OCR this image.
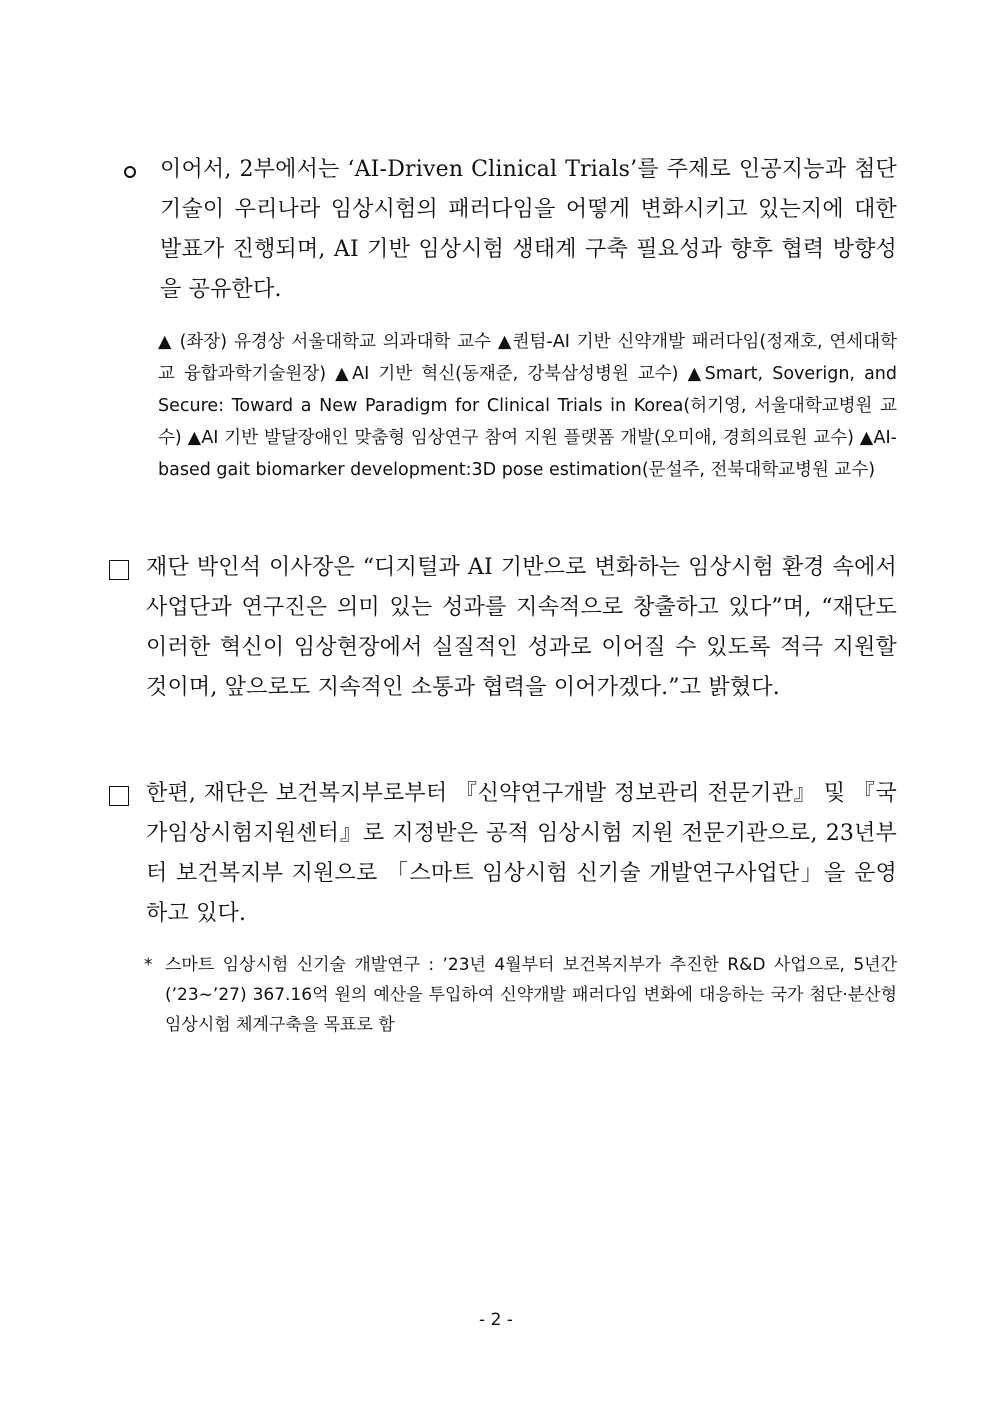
이어서, 2부에서는 ‘AI-Driven Clinical Trials’를 주제로 인공지능과 첨단 기술이 우리나라 임상시험의 패러다임을 어떻게 변화시키고 있는지에 대한 발표가 진행되며, AI 기반 임상시험 생태계 구축 필요성과 향후 협력 방향성을 공유한다.
▲ (좌장) 유경상 서울대학교 의과대학 교수 ▲퀀텀-AI 기반 신약개발 패러다임(정재호, 연세대학교 융합과학기술원장) ▲AI 기반 혁신(동재준, 강북삼성병원 교수) ▲Smart, Soverign, and Secure: Toward a New Paradigm for Clinical Trials in Korea(허기영, 서울대학교병원 교수) ▲AI 기반 발달장애인 맞춤형 임상연구 참여 지원 플랫폼 개발(오미애, 경희의료원 교수) ▲AI-based gait biomarker development:3D pose estimation(문설주, 전북대학교병원 교수)
재단 박인석 이사장은 “디지털과 AI 기반으로 변화하는 임상시험 환경 속에서 사업단과 연구진은 의미 있는 성과를 지속적으로 창출하고 있다”며, “재단도 이러한 혁신이 임상현장에서 실질적인 성과로 이어질 수 있도록 적극 지원할 것이며, 앞으로도 지속적인 소통과 협력을 이어가겠다.”고 밝혔다.
한편, 재단은 보건복지부로부터 『신약연구개발 정보관리 전문기관』 및 『국가임상시험지원센터』로 지정받은 공적 임상시험 지원 전문기관으로, 23년부터 보건복지부 지원으로 「스마트 임상시험 신기술 개발연구사업단」을 운영하고 있다.
* 스마트 임상시험 신기술 개발연구 : ’23년 4월부터 보건복지부가 추진한 R&D 사업으로, 5년간(’23~’27) 367.16억 원의 예산을 투입하여 신약개발 패러다임 변화에 대응하는 국가 첨단·분산형 임상시험 체계구축을 목표로 함
- 2 -
